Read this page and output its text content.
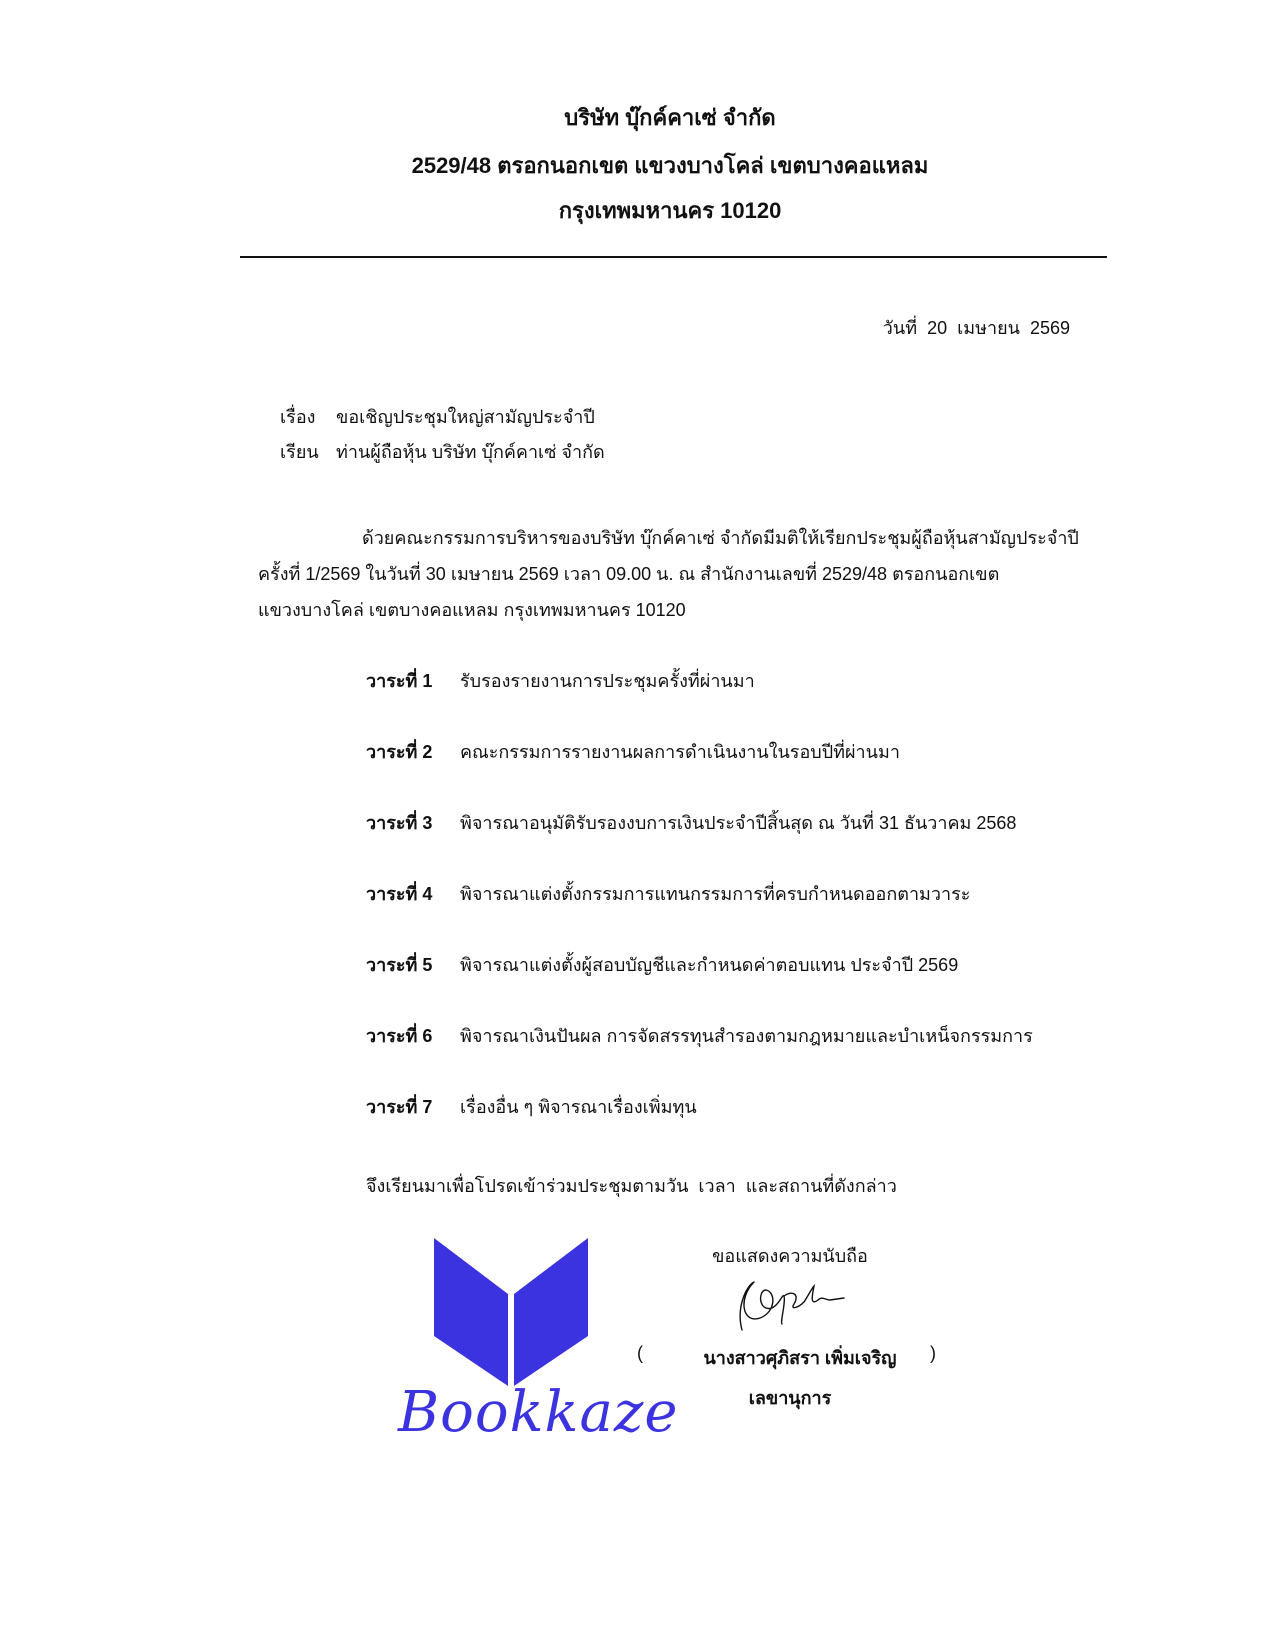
บริษัท บุ๊กค์คาเซ่ จำกัด
2529/48 ตรอกนอกเขต แขวงบางโคล่ เขตบางคอแหลม
กรุงเทพมหานคร 10120
วันที่  20  เมษายน  2569

เรื่อง ขอเชิญประชุมใหญ่สามัญประจำปี

เรียน ท่านผู้ถือหุ้น บริษัท บุ๊กค์คาเซ่ จำกัด

ด้วยคณะกรรมการบริหารของบริษัท บุ๊กค์คาเซ่ จำกัดมีมติให้เรียกประชุมผู้ถือหุ้นสามัญประจำปี
ครั้งที่ 1/2569 ในวันที่ 30 เมษายน 2569 เวลา 09.00 น. ณ สำนักงานเลขที่ 2529/48 ตรอกนอกเขต
แขวงบางโคล่ เขตบางคอแหลม กรุงเทพมหานคร 10120
วาระที่ 1 รับรองรายงานการประชุมครั้งที่ผ่านมา
วาระที่ 2 คณะกรรมการรายงานผลการดำเนินงานในรอบปีที่ผ่านมา
วาระที่ 3 พิจารณาอนุมัติรับรองงบการเงินประจำปีสิ้นสุด ณ วันที่ 31 ธันวาคม 2568
วาระที่ 4 พิจารณาแต่งตั้งกรรมการแทนกรรมการที่ครบกำหนดออกตามวาระ
วาระที่ 5 พิจารณาแต่งตั้งผู้สอบบัญชีและกำหนดค่าตอบแทน ประจำปี 2569
วาระที่ 6 พิจารณาเงินปันผล การจัดสรรทุนสำรองตามกฎหมายและบำเหน็จกรรมการ
วาระที่ 7 เรื่องอื่น ๆ พิจารณาเรื่องเพิ่มทุน
จึงเรียนมาเพื่อโปรดเข้าร่วมประชุมตามวัน  เวลา  และสถานที่ดังกล่าว
Bookkaze
ขอแสดงความนับถือ
(	นางสาวศุภิสรา เพิ่มเจริญ	)
เลขานุการ
